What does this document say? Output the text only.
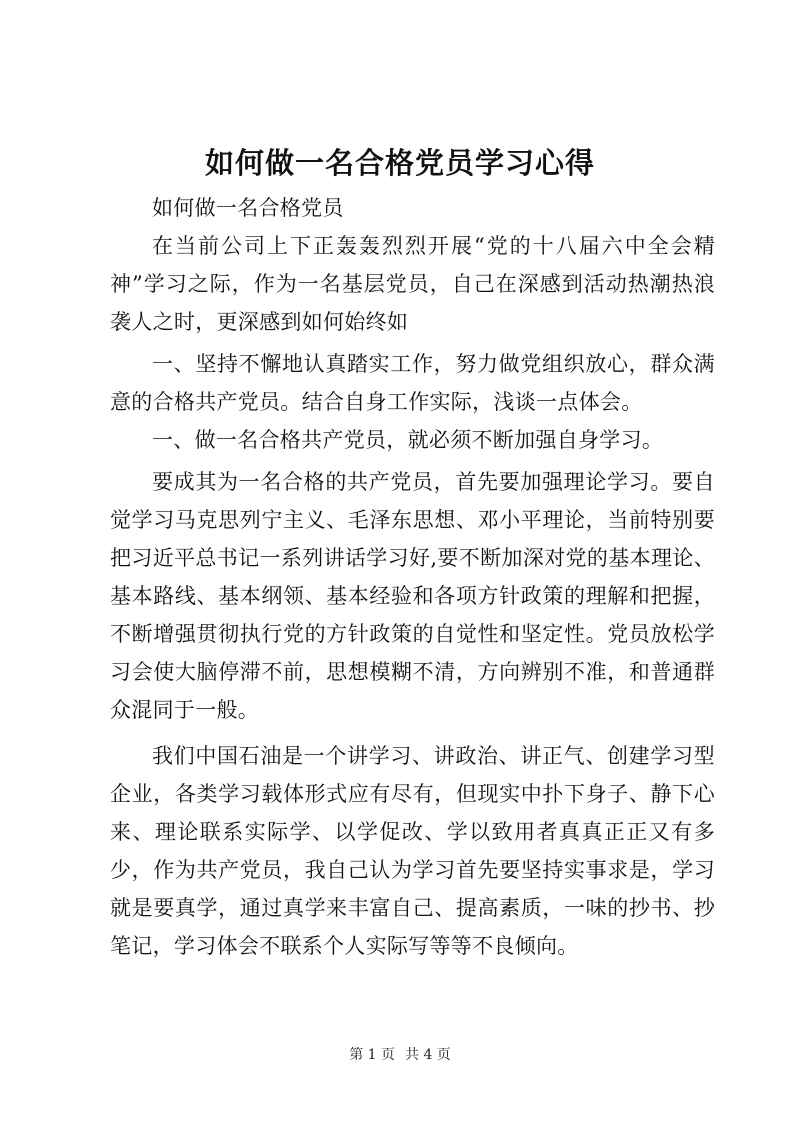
如何做一名合格党员学习心得

如何做一名合格党员

在当前公司上下正轰轰烈烈开展“党的十八届六中全会精神”学习之际，作为一名基层党员，自己在深感到活动热潮热浪袭人之时，更深感到如何始终如

一、坚持不懈地认真踏实工作，努力做党组织放心，群众满意的合格共产党员。结合自身工作实际，浅谈一点体会。

一、做一名合格共产党员，就必须不断加强自身学习。

要成其为一名合格的共产党员，首先要加强理论学习。要自觉学习马克思列宁主义、毛泽东思想、邓小平理论，当前特别要把习近平总书记一系列讲话学习好,要不断加深对党的基本理论、基本路线、基本纲领、基本经验和各项方针政策的理解和把握，不断增强贯彻执行党的方针政策的自觉性和坚定性。党员放松学习会使大脑停滞不前，思想模糊不清，方向辨别不准，和普通群众混同于一般。

我们中国石油是一个讲学习、讲政治、讲正气、创建学习型企业，各类学习载体形式应有尽有，但现实中扑下身子、静下心来、理论联系实际学、以学促改、学以致用者真真正正又有多少，作为共产党员，我自己认为学习首先要坚持实事求是，学习就是要真学，通过真学来丰富自己、提高素质，一味的抄书、抄笔记，学习体会不联系个人实际写等等不良倾向。

第 1 页 共 4 页
